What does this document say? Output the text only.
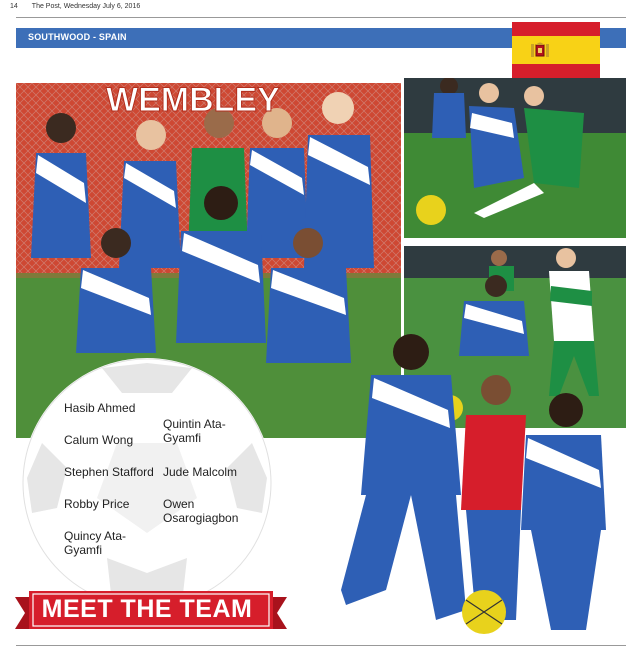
14 The Post, Wednesday July 6, 2016
SOUTHWOOD - SPAIN
WEMBLEY
Hasib Ahmed
Calum Wong
Stephen Stafford
Robby Price
Quincy Ata-Gyamfi
Quintin Ata-Gyamfi
Jude Malcolm
Owen Osarogiagbon
MEET THE TEAM
